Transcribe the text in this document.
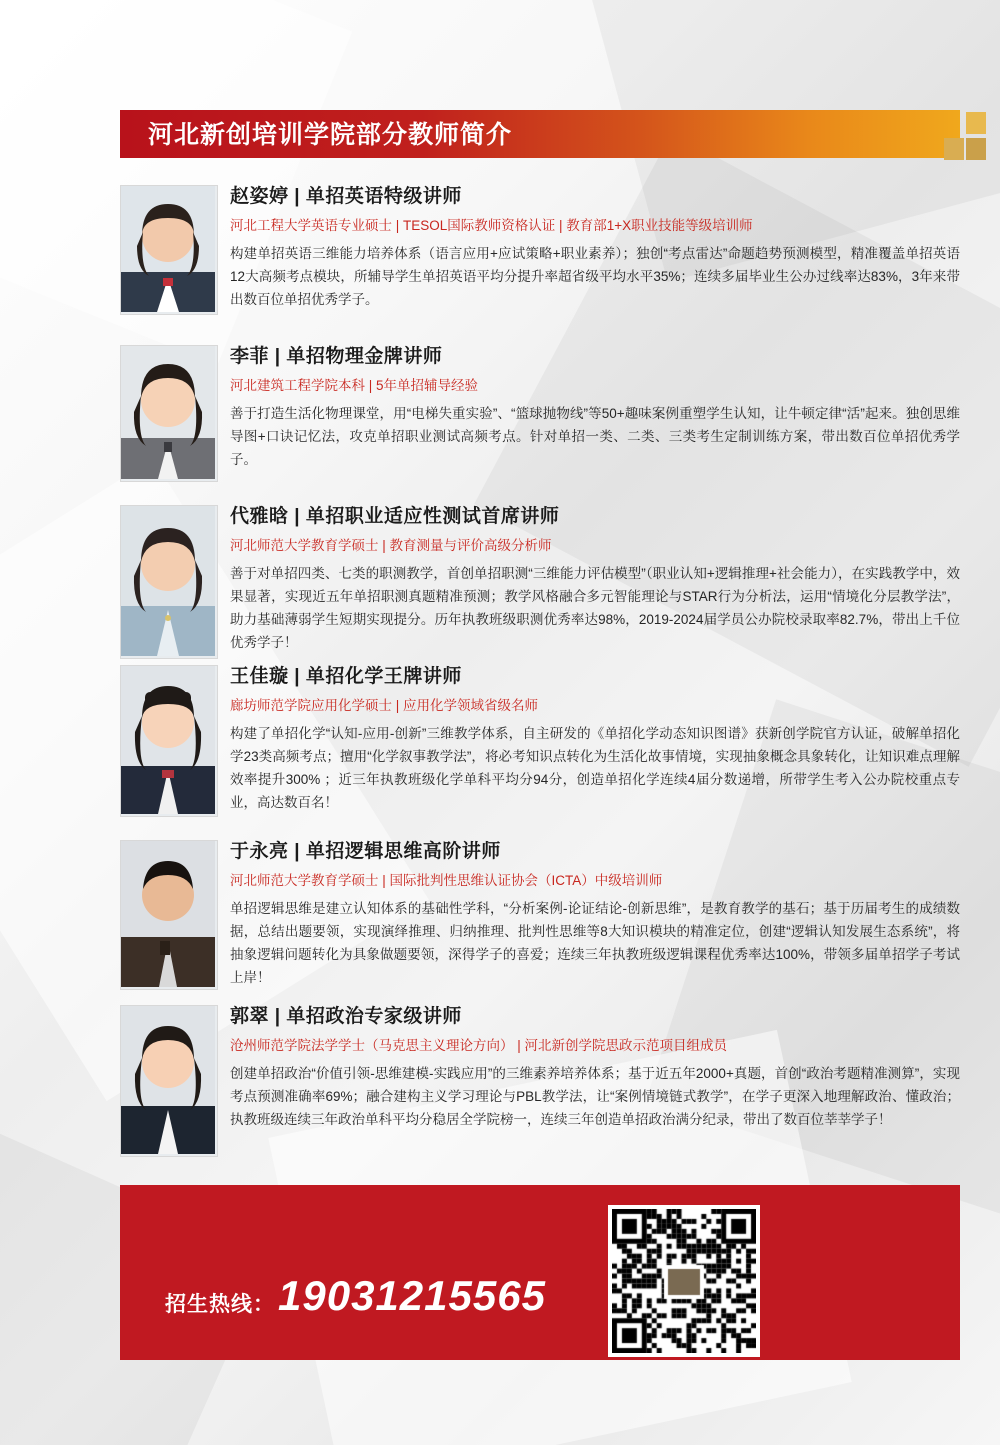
河北新创培训学院部分教师简介

赵姿婷 | 单招英语特级讲师

河北工程大学英语专业硕士 | TESOL国际教师资格认证 | 教育部1+X职业技能等级培训师

构建单招英语三维能力培养体系（语言应用+应试策略+职业素养）；独创“考点雷达”命题趋势预测模型，精准覆盖单招英语12大高频考点模块，所辅导学生单招英语平均分提升率超省级平均水平35%；连续多届毕业生公办过线率达83%，3年来带出数百位单招优秀学子。

李菲 | 单招物理金牌讲师

河北建筑工程学院本科 | 5年单招辅导经验

善于打造生活化物理课堂，用“电梯失重实验”、“篮球抛物线”等50+趣味案例重塑学生认知，让牛顿定律“活”起来。独创思维导图+口诀记忆法，攻克单招职业测试高频考点。针对单招一类、二类、三类考生定制训练方案，带出数百位单招优秀学子。

代雅晗 | 单招职业适应性测试首席讲师

河北师范大学教育学硕士 | 教育测量与评价高级分析师

善于对单招四类、七类的职测教学，首创单招职测“三维能力评估模型”（职业认知+逻辑推理+社会能力），在实践教学中，效果显著，实现近五年单招职测真题精准预测；教学风格融合多元智能理论与STAR行为分析法，运用“情境化分层教学法”，助力基础薄弱学生短期实现提分。历年执教班级职测优秀率达98%，2019-2024届学员公办院校录取率82.7%，带出上千位优秀学子！

王佳璇 | 单招化学王牌讲师

廊坊师范学院应用化学硕士 | 应用化学领域省级名师

构建了单招化学“认知-应用-创新”三维教学体系，自主研发的《单招化学动态知识图谱》获新创学院官方认证，破解单招化学23类高频考点；擅用“化学叙事教学法”，将必考知识点转化为生活化故事情境，实现抽象概念具象转化，让知识难点理解效率提升300% ；近三年执教班级化学单科平均分94分，创造单招化学连续4届分数递增，所带学生考入公办院校重点专业，高达数百名！

于永亮 | 单招逻辑思维高阶讲师

河北师范大学教育学硕士 | 国际批判性思维认证协会（ICTA）中级培训师

单招逻辑思维是建立认知体系的基础性学科，“分析案例-论证结论-创新思维”，是教育教学的基石；基于历届考生的成绩数据，总结出题要领，实现演绎推理、归纳推理、批判性思维等8大知识模块的精准定位，创建“逻辑认知发展生态系统”，将抽象逻辑问题转化为具象做题要领，深得学子的喜爱；连续三年执教班级逻辑课程优秀率达100%，带领多届单招学子考试上岸！

郭翠 | 单招政治专家级讲师

沧州师范学院法学学士（马克思主义理论方向） | 河北新创学院思政示范项目组成员

创建单招政治“价值引领-思维建模-实践应用”的三维素养培养体系；基于近五年2000+真题，首创“政治考题精准测算”，实现考点预测准确率69%；融合建构主义学习理论与PBL教学法，让“案例情境链式教学”，在学子更深入地理解政治、懂政治；执教班级连续三年政治单科平均分稳居全学院榜一，连续三年创造单招政治满分纪录，带出了数百位莘莘学子！

招生热线： 19031215565
